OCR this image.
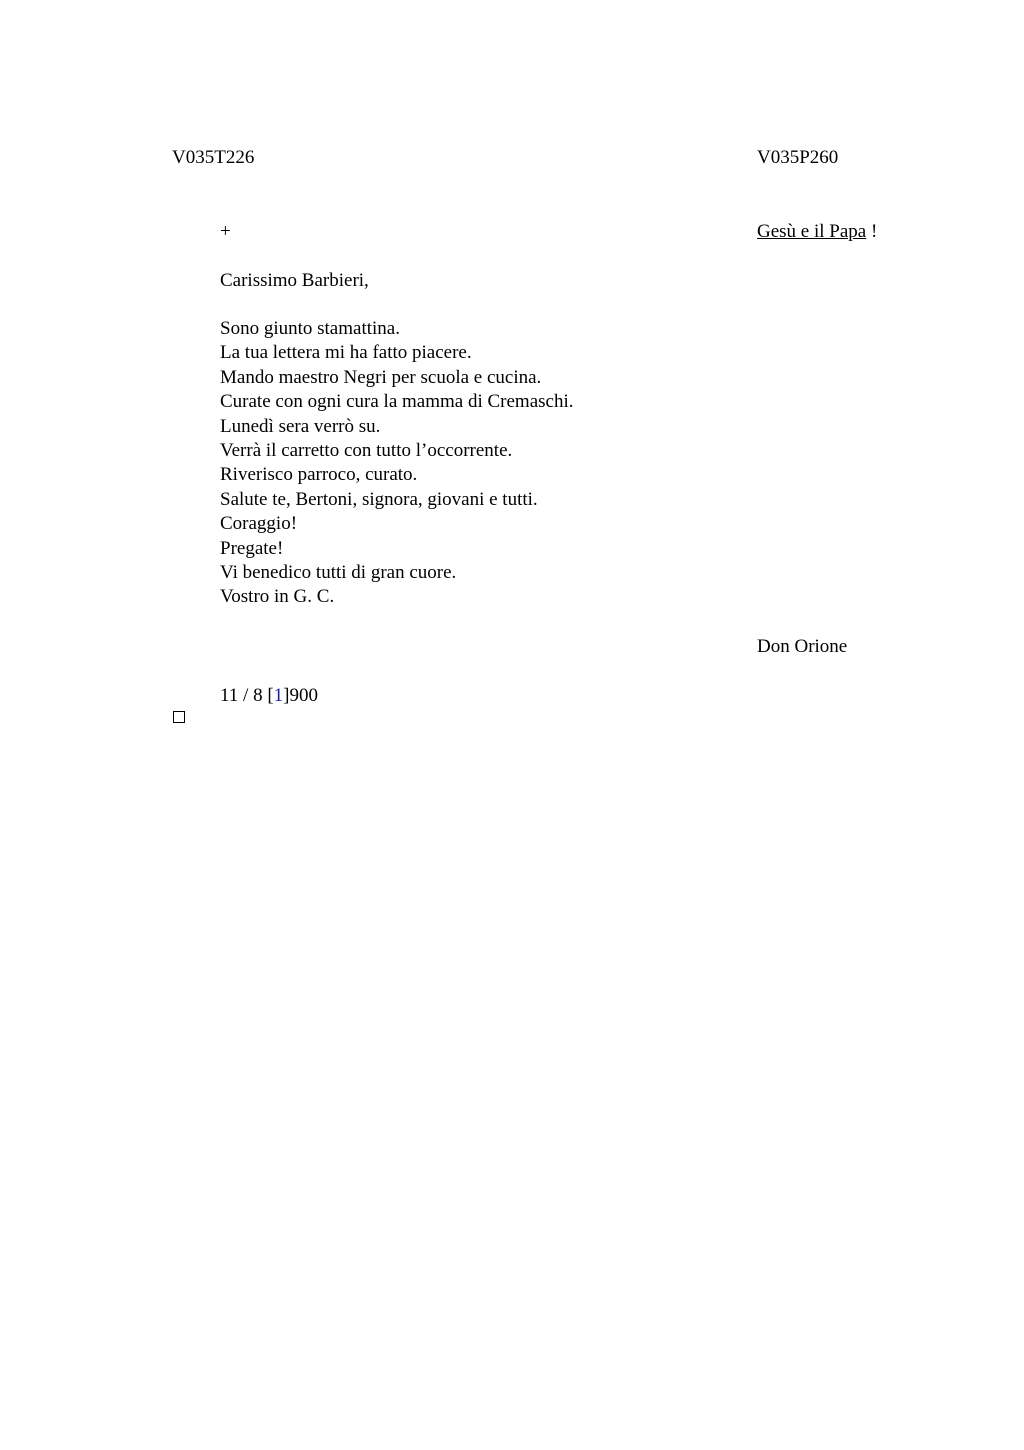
V035T226	V035P260
+	Gesù e il Papa !
Carissimo Barbieri,
Sono giunto stamattina.
La tua lettera mi ha fatto piacere.
Mando maestro Negri per scuola e cucina.
Curate con ogni cura la mamma di Cremaschi.
Lunedì sera verrò su.
Verrà il carretto con tutto l’occorrente.
Riverisco parroco, curato.
Salute te, Bertoni, signora, giovani e tutti.
Coraggio!
Pregate!
Vi benedico tutti di gran cuore.
Vostro in G. C.
Don Orione
11 / 8 [1]900
